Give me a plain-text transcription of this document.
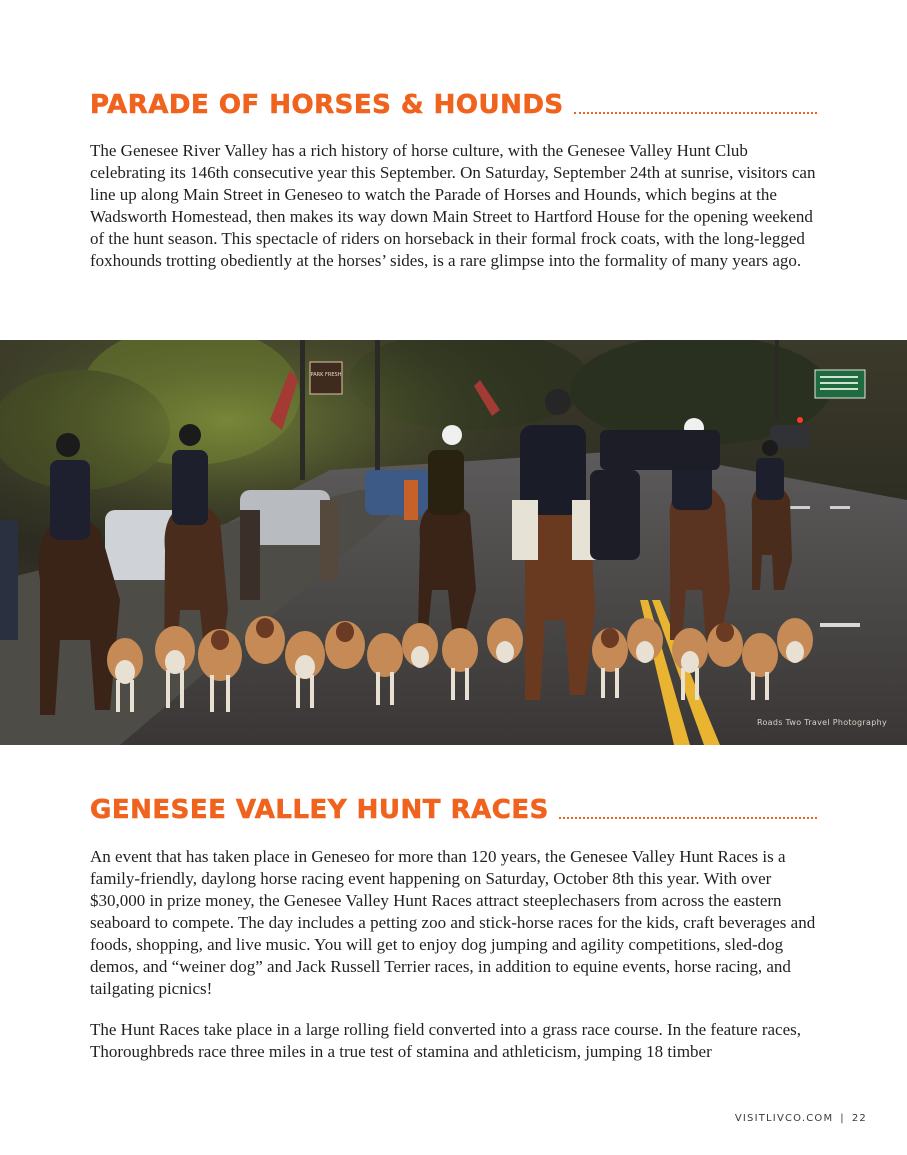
PARADE OF HORSES & HOUNDS

The Genesee River Valley has a rich history of horse culture, with the Genesee Valley Hunt Club celebrating its 146th consecutive year this September. On Saturday, September 24th at sunrise, visitors can line up along Main Street in Geneseo to watch the Parade of Horses and Hounds, which begins at the Wadsworth Homestead, then makes its way down Main Street to Hartford House for the opening weekend of the hunt season. This spectacle of riders on horseback in their formal frock coats, with the long-legged foxhounds trotting obediently at the horses’ sides, is a rare glimpse into the formality of many years ago.

PARK FRESH
Roads Two Travel Photography
GENESEE VALLEY HUNT RACES

An event that has taken place in Geneseo for more than 120 years, the Genesee Valley Hunt Races is a family-friendly, daylong horse racing event happening on Saturday, October 8th this year. With over $30,000 in prize money, the Genesee Valley Hunt Races attract steeplechasers from across the eastern seaboard to compete. The day includes a petting zoo and stick-horse races for the kids, craft beverages and foods, shopping, and live music. You will get to enjoy dog jumping and agility competitions, sled-dog demos, and “weiner dog” and Jack Russell Terrier races, in addition to equine events, horse racing, and tailgating picnics!

The Hunt Races take place in a large rolling field converted into a grass race course. In the feature races, Thoroughbreds race three miles in a true test of stamina and athleticism, jumping 18 timber

VISITLIVCO.COM | 22
